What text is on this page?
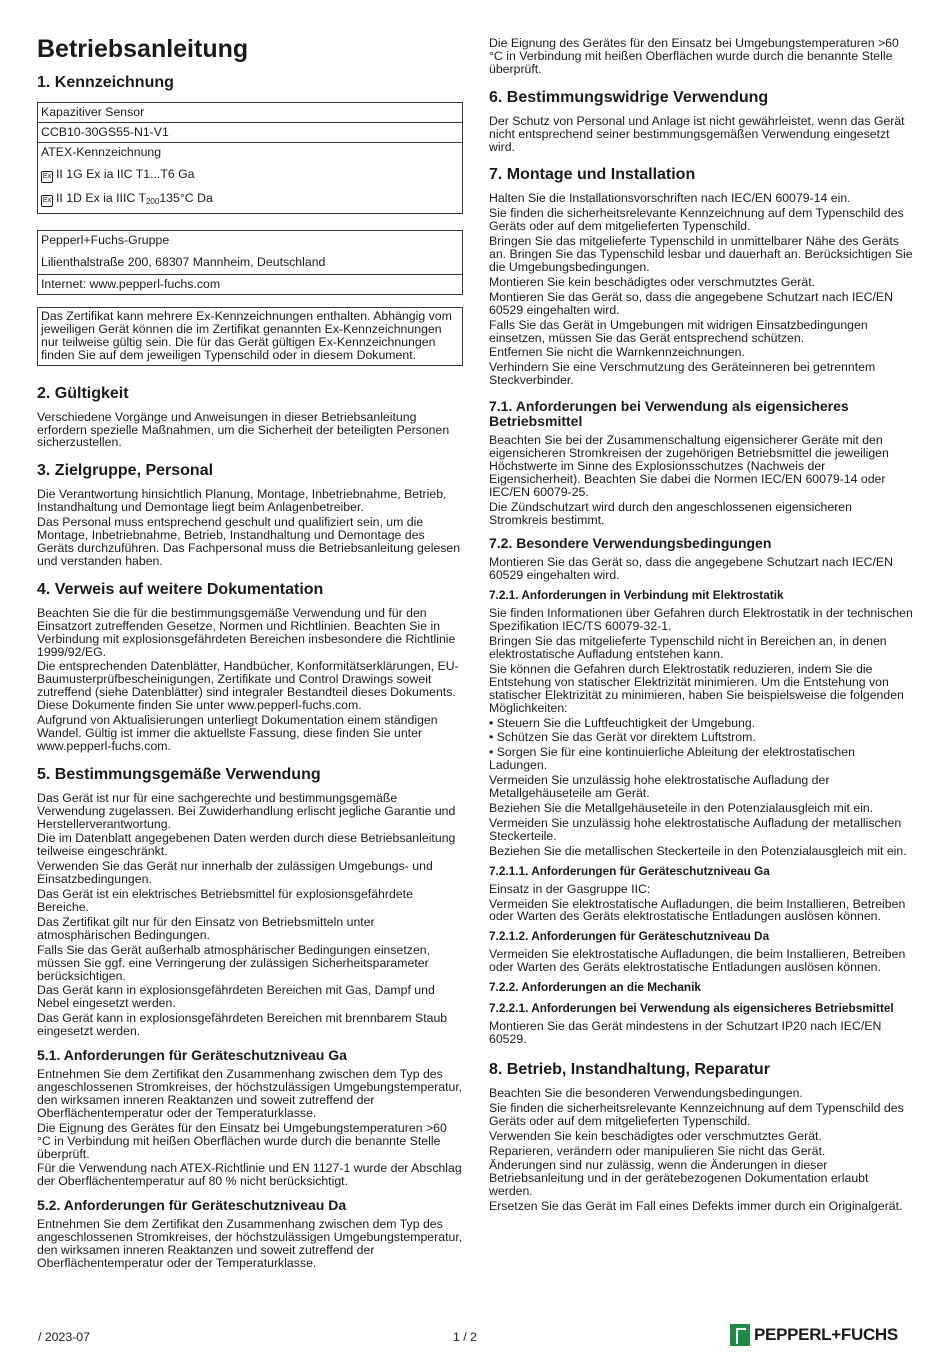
Betriebsanleitung
1. Kennzeichnung
Kapazitiver Sensor
CCB10-30GS55-N1-V1
ATEX-Kennzeichnung
Ex II 1G Ex ia IIC T1...T6 Ga
Ex II 1D Ex ia IIIC $T_{200}135^\circ C$ Da
Pepperl+Fuchs-Gruppe
Lilienthalstraße 200, 68307 Mannheim, Deutschland
Internet: www.pepperl-fuchs.com
Das Zertifikat kann mehrere Ex-Kennzeichnungen enthalten. Abhängig vom jeweiligen Gerät können die im Zertifikat genannten Ex-Kennzeichnungen nur teilweise gültig sein. Die für das Gerät gültigen Ex-Kennzeichnungen finden Sie auf dem jeweiligen Typenschild oder in diesem Dokument.
2. Gültigkeit

Verschiedene Vorgänge und Anweisungen in dieser Betriebsanleitung erfordern spezielle Maßnahmen, um die Sicherheit der beteiligten Personen sicherzustellen.

3. Zielgruppe, Personal

Die Verantwortung hinsichtlich Planung, Montage, Inbetriebnahme, Betrieb, Instandhaltung und Demontage liegt beim Anlagenbetreiber.

Das Personal muss entsprechend geschult und qualifiziert sein, um die Montage, Inbetriebnahme, Betrieb, Instandhaltung und Demontage des Geräts durchzuführen. Das Fachpersonal muss die Betriebsanleitung gelesen und verstanden haben.

4. Verweis auf weitere Dokumentation

Beachten Sie die für die bestimmungsgemäße Verwendung und für den Einsatzort zutreffenden Gesetze, Normen und Richtlinien. Beachten Sie in Verbindung mit explosionsgefährdeten Bereichen insbesondere die Richtlinie 1999/92/EG.

Die entsprechenden Datenblätter, Handbücher, Konformitätserklärungen, EU-Baumusterprüfbescheinigungen, Zertifikate und Control Drawings soweit zutreffend (siehe Datenblätter) sind integraler Bestandteil dieses Dokuments. Diese Dokumente finden Sie unter www.pepperl-fuchs.com.

Aufgrund von Aktualisierungen unterliegt Dokumentation einem ständigen Wandel. Gültig ist immer die aktuellste Fassung, diese finden Sie unter www.pepperl-fuchs.com.

5. Bestimmungsgemäße Verwendung

Das Gerät ist nur für eine sachgerechte und bestimmungsgemäße Verwendung zugelassen. Bei Zuwiderhandlung erlischt jegliche Garantie und Herstellerverantwortung.

Die im Datenblatt angegebenen Daten werden durch diese Betriebsanleitung teilweise eingeschränkt.

Verwenden Sie das Gerät nur innerhalb der zulässigen Umgebungs- und Einsatzbedingungen.

Das Gerät ist ein elektrisches Betriebsmittel für explosionsgefährdete Bereiche.

Das Zertifikat gilt nur für den Einsatz von Betriebsmitteln unter atmosphärischen Bedingungen.

Falls Sie das Gerät außerhalb atmosphärischer Bedingungen einsetzen, müssen Sie ggf. eine Verringerung der zulässigen Sicherheitsparameter berücksichtigen.

Das Gerät kann in explosionsgefährdeten Bereichen mit Gas, Dampf und Nebel eingesetzt werden.

Das Gerät kann in explosionsgefährdeten Bereichen mit brennbarem Staub eingesetzt werden.

5.1. Anforderungen für Geräteschutzniveau Ga

Entnehmen Sie dem Zertifikat den Zusammenhang zwischen dem Typ des angeschlossenen Stromkreises, der höchstzulässigen Umgebungstemperatur, den wirksamen inneren Reaktanzen und soweit zutreffend der Oberflächentemperatur oder der Temperaturklasse.

Die Eignung des Gerätes für den Einsatz bei Umgebungstemperaturen >60 °C in Verbindung mit heißen Oberflächen wurde durch die benannte Stelle überprüft.

Für die Verwendung nach ATEX-Richtlinie und EN 1127-1 wurde der Abschlag der Oberflächentemperatur auf 80 % nicht berücksichtigt.

5.2. Anforderungen für Geräteschutzniveau Da

Entnehmen Sie dem Zertifikat den Zusammenhang zwischen dem Typ des angeschlossenen Stromkreises, der höchstzulässigen Umgebungstemperatur, den wirksamen inneren Reaktanzen und soweit zutreffend der Oberflächentemperatur oder der Temperaturklasse.

Die Eignung des Gerätes für den Einsatz bei Umgebungstemperaturen >60 °C in Verbindung mit heißen Oberflächen wurde durch die benannte Stelle überprüft.

6. Bestimmungswidrige Verwendung

Der Schutz von Personal und Anlage ist nicht gewährleistet, wenn das Gerät nicht entsprechend seiner bestimmungsgemäßen Verwendung eingesetzt wird.

7. Montage und Installation

Halten Sie die Installationsvorschriften nach IEC/EN 60079-14 ein.

Sie finden die sicherheitsrelevante Kennzeichnung auf dem Typenschild des Geräts oder auf dem mitgelieferten Typenschild.

Bringen Sie das mitgelieferte Typenschild in unmittelbarer Nähe des Geräts an. Bringen Sie das Typenschild lesbar und dauerhaft an. Berücksichtigen Sie die Umgebungsbedingungen.

Montieren Sie kein beschädigtes oder verschmutztes Gerät.

Montieren Sie das Gerät so, dass die angegebene Schutzart nach IEC/EN 60529 eingehalten wird.

Falls Sie das Gerät in Umgebungen mit widrigen Einsatzbedingungen einsetzen, müssen Sie das Gerät entsprechend schützen.

Entfernen Sie nicht die Warnkennzeichnungen.

Verhindern Sie eine Verschmutzung des Geräteinneren bei getrenntem Steckverbinder.

7.1. Anforderungen bei Verwendung als eigensicheres Betriebsmittel

Beachten Sie bei der Zusammenschaltung eigensicherer Geräte mit den eigensicheren Stromkreisen der zugehörigen Betriebsmittel die jeweiligen Höchstwerte im Sinne des Explosionsschutzes (Nachweis der Eigensicherheit). Beachten Sie dabei die Normen IEC/EN 60079-14 oder IEC/EN 60079-25.

Die Zündschutzart wird durch den angeschlossenen eigensicheren Stromkreis bestimmt.

7.2. Besondere Verwendungsbedingungen

Montieren Sie das Gerät so, dass die angegebene Schutzart nach IEC/EN 60529 eingehalten wird.

7.2.1. Anforderungen in Verbindung mit Elektrostatik

Sie finden Informationen über Gefahren durch Elektrostatik in der technischen Spezifikation IEC/TS 60079-32-1.

Bringen Sie das mitgelieferte Typenschild nicht in Bereichen an, in denen elektrostatische Aufladung entstehen kann.

Sie können die Gefahren durch Elektrostatik reduzieren, indem Sie die Entstehung von statischer Elektrizität minimieren. Um die Entstehung von statischer Elektrizität zu minimieren, haben Sie beispielsweise die folgenden Möglichkeiten:

• Steuern Sie die Luftfeuchtigkeit der Umgebung.
• Schützen Sie das Gerät vor direktem Luftstrom.
• Sorgen Sie für eine kontinuierliche Ableitung der elektrostatischen Ladungen.

Vermeiden Sie unzulässig hohe elektrostatische Aufladung der Metallgehäuseteile am Gerät.

Beziehen Sie die Metallgehäuseteile in den Potenzialausgleich mit ein.

Vermeiden Sie unzulässig hohe elektrostatische Aufladung der metallischen Steckerteile.

Beziehen Sie die metallischen Steckerteile in den Potenzialausgleich mit ein.

7.2.1.1. Anforderungen für Geräteschutzniveau Ga

Einsatz in der Gasgruppe IIC:

Vermeiden Sie elektrostatische Aufladungen, die beim Installieren, Betreiben oder Warten des Geräts elektrostatische Entladungen auslösen können.

7.2.1.2. Anforderungen für Geräteschutzniveau Da

Vermeiden Sie elektrostatische Aufladungen, die beim Installieren, Betreiben oder Warten des Geräts elektrostatische Entladungen auslösen können.

7.2.2. Anforderungen an die Mechanik
7.2.2.1. Anforderungen bei Verwendung als eigensicheres Betriebsmittel

Montieren Sie das Gerät mindestens in der Schutzart IP20 nach IEC/EN 60529.

8. Betrieb, Instandhaltung, Reparatur

Beachten Sie die besonderen Verwendungsbedingungen.

Sie finden die sicherheitsrelevante Kennzeichnung auf dem Typenschild des Geräts oder auf dem mitgelieferten Typenschild.

Verwenden Sie kein beschädigtes oder verschmutztes Gerät.

Reparieren, verändern oder manipulieren Sie nicht das Gerät.

Änderungen sind nur zulässig, wenn die Änderungen in dieser Betriebsanleitung und in der gerätebezogenen Dokumentation erlaubt werden.

Ersetzen Sie das Gerät im Fall eines Defekts immer durch ein Originalgerät.

/ 2023-07	1 / 2	PEPPERL+FUCHS
